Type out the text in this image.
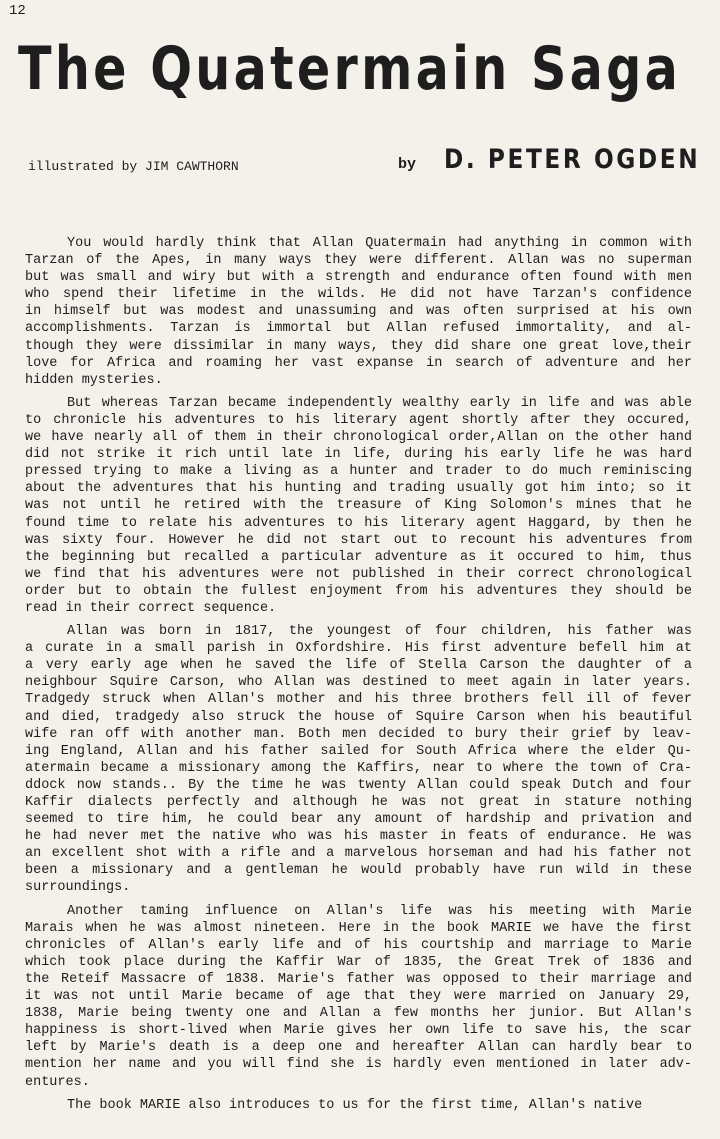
12
The Quatermain Saga
illustrated by JIM CAWTHORN	by D. PETER OGDEN
You would hardly think that Allan Quatermain had anything in common with
Tarzan of the Apes, in many ways they were different. Allan was no superman
but was small and wiry but with a strength and endurance often found with men
who spend their lifetime in the wilds. He did not have Tarzan's confidence
in himself but was modest and unassuming and was often surprised at his own
accomplishments. Tarzan is immortal but Allan refused immortality, and al-
though they were dissimilar in many ways, they did share one great love,their
love for Africa and roaming her vast expanse in search of adventure and her
hidden mysteries.
But whereas Tarzan became independently wealthy early in life and was able
to chronicle his adventures to his literary agent shortly after they occured,
we have nearly all of them in their chronological order,Allan on the other hand
did not strike it rich until late in life, during his early life he was hard
pressed trying to make a living as a hunter and trader to do much reminiscing
about the adventures that his hunting and trading usually got him into; so it
was not until he retired with the treasure of King Solomon's mines that he
found time to relate his adventures to his literary agent Haggard, by then he
was sixty four. However he did not start out to recount his adventures from
the beginning but recalled a particular adventure as it occured to him, thus
we find that his adventures were not published in their correct chronological
order but to obtain the fullest enjoyment from his adventures they should be
read in their correct sequence.
Allan was born in 1817, the youngest of four children, his father was
a curate in a small parish in Oxfordshire. His first adventure befell him at
a very early age when he saved the life of Stella Carson the daughter of a
neighbour Squire Carson, who Allan was destined to meet again in later years.
Tradgedy struck when Allan's mother and his three brothers fell ill of fever
and died, tradgedy also struck the house of Squire Carson when his beautiful
wife ran off with another man. Both men decided to bury their grief by leav-
ing England, Allan and his father sailed for South Africa where the elder Qu-
atermain became a missionary among the Kaffirs, near to where the town of Cra-
ddock now stands.. By the time he was twenty Allan could speak Dutch and four
Kaffir dialects perfectly and although he was not great in stature nothing
seemed to tire him, he could bear any amount of hardship and privation and
he had never met the native who was his master in feats of endurance. He was
an excellent shot with a rifle and a marvelous horseman and had his father not
been a missionary and a gentleman he would probably have run wild in these
surroundings.
Another taming influence on Allan's life was his meeting with Marie
Marais when he was almost nineteen. Here in the book MARIE we have the first
chronicles of Allan's early life and of his courtship and marriage to Marie
which took place during the Kaffir War of 1835, the Great Trek of 1836 and
the Reteif Massacre of 1838. Marie's father was opposed to their marriage and
it was not until Marie became of age that they were married on January 29,
1838, Marie being twenty one and Allan a few months her junior. But Allan's
happiness is short-lived when Marie gives her own life to save his, the scar
left by Marie's death is a deep one and hereafter Allan can hardly bear to
mention her name and you will find she is hardly even mentioned in later adv-
entures.
The book MARIE also introduces to us for the first time, Allan's native
